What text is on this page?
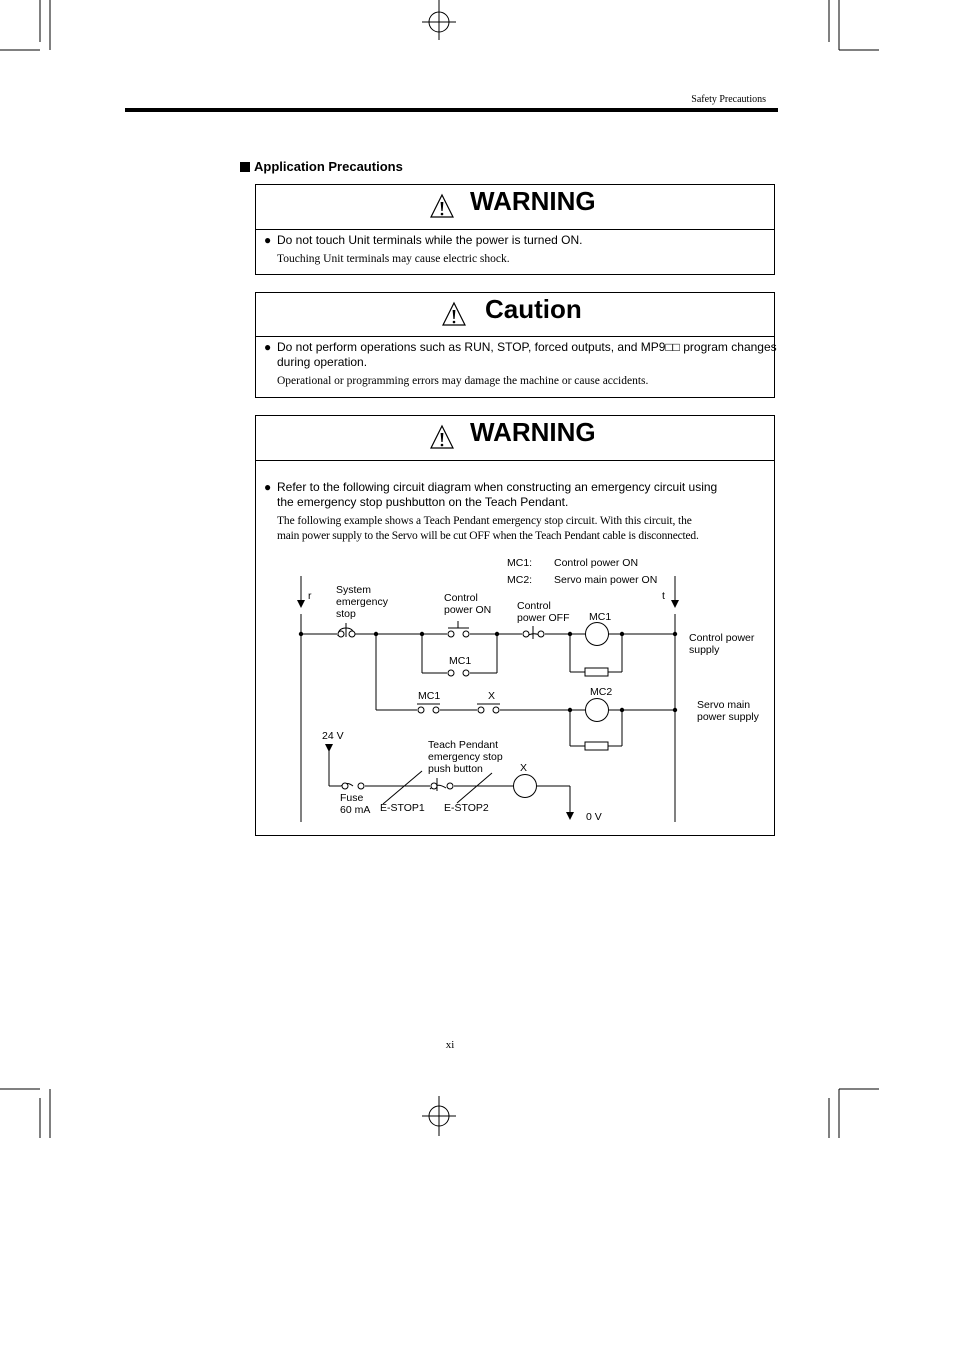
Safety Precautions
Application Precautions
WARNING
● Do not touch Unit terminals while the power is turned ON.
Touching Unit terminals may cause electric shock.
Caution
● Do not perform operations such as RUN, STOP, forced outputs, and MP9□□ program changes
during operation.
Operational or programming errors may damage the machine or cause accidents.
WARNING
● Refer to the following circuit diagram when constructing an emergency circuit using
the emergency stop pushbutton on the Teach Pendant.
The following example shows a Teach Pendant emergency stop circuit. With this circuit, the
main power supply to the Servo will be cut OFF when the Teach Pendant cable is disconnected.
MC1: Control power ON
MC2: Servo main power ON
r	t
System
emergency
stop
Control
power ON Control
power OFF MC1
MC1
MC1	X	MC2
Control power
supply
Servo main
power supply
24 V
Teach Pendant
emergency stop
push button	X
Fuse
60 mA E-STOP1 E-STOP2
0 V
xi
